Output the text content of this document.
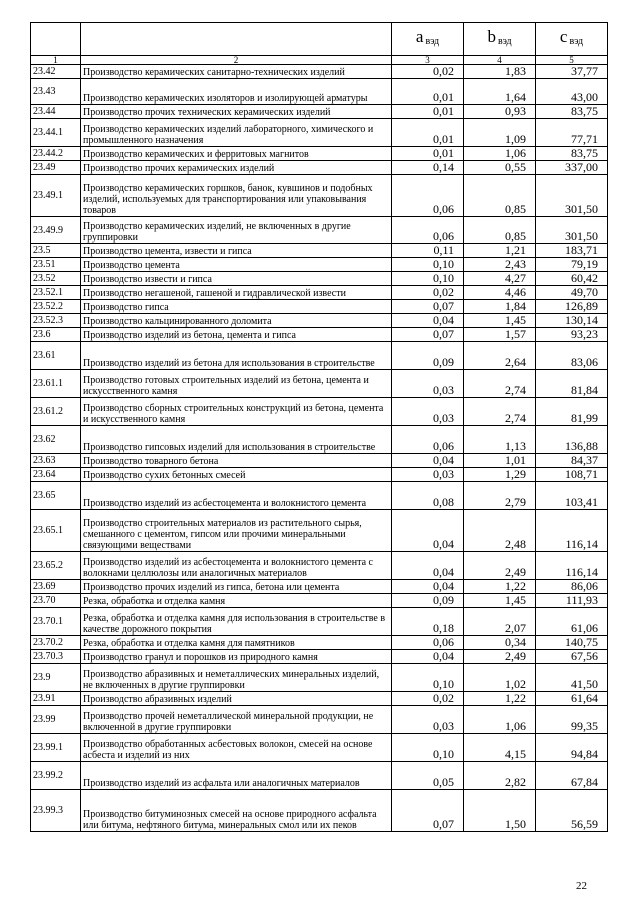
		a $_{вэд}$	b $_{вэд}$	c $_{вэд}$
1	2	3	4	5
23.42	Производство керамических санитарно-технических изделий	0,02	1,83	37,77
23.43	Производство керамических изоляторов и изолирующей арматуры	0,01	1,64	43,00
23.44	Производство прочих технических керамических изделий	0,01	0,93	83,75
23.44.1	Производство керамических изделий лабораторного, химического и промышленного назначения	0,01	1,09	77,71
23.44.2	Производство керамических и ферритовых магнитов	0,01	1,06	83,75
23.49	Производство прочих керамических изделий	0,14	0,55	337,00
23.49.1	Производство керамических горшков, банок, кувшинов и подобных изделий, используемых для транспортирования или упаковывания товаров	0,06	0,85	301,50
23.49.9	Производство керамических изделий, не включенных в другие группировки	0,06	0,85	301,50
23.5	Производство цемента, извести и гипса	0,11	1,21	183,71
23.51	Производство цемента	0,10	2,43	79,19
23.52	Производство извести и гипса	0,10	4,27	60,42
23.52.1	Производство негашеной, гашеной и гидравлической извести	0,02	4,46	49,70
23.52.2	Производство гипса	0,07	1,84	126,89
23.52.3	Производство кальцинированного доломита	0,04	1,45	130,14
23.6	Производство изделий из бетона, цемента и гипса	0,07	1,57	93,23
23.61	Производство изделий из бетона для использования в строительстве	0,09	2,64	83,06
23.61.1	Производство готовых строительных изделий из бетона, цемента и искусственного камня	0,03	2,74	81,84
23.61.2	Производство сборных строительных конструкций из бетона, цемента и искусственного камня	0,03	2,74	81,99
23.62	Производство гипсовых изделий для использования в строительстве	0,06	1,13	136,88
23.63	Производство товарного бетона	0,04	1,01	84,37
23.64	Производство сухих бетонных смесей	0,03	1,29	108,71
23.65	Производство изделий из асбестоцемента и волокнистого цемента	0,08	2,79	103,41
23.65.1	Производство строительных материалов из растительного сырья, смешанного с цементом, гипсом или прочими минеральными связующими веществами	0,04	2,48	116,14
23.65.2	Производство изделий из асбестоцемента и волокнистого цемента с волокнами целлюлозы или аналогичных материалов	0,04	2,49	116,14
23.69	Производство прочих изделий из гипса, бетона или цемента	0,04	1,22	86,06
23.70	Резка, обработка и отделка камня	0,09	1,45	111,93
23.70.1	Резка, обработка и отделка камня для использования в строительстве в качестве дорожного покрытия	0,18	2,07	61,06
23.70.2	Резка, обработка и отделка камня для памятников	0,06	0,34	140,75
23.70.3	Производство гранул и порошков из природного камня	0,04	2,49	67,56
23.9	Производство абразивных и неметаллических минеральных изделий, не включенных в другие группировки	0,10	1,02	41,50
23.91	Производство абразивных изделий	0,02	1,22	61,64
23.99	Производство прочей неметаллической минеральной продукции, не включенной в другие группировки	0,03	1,06	99,35
23.99.1	Производство обработанных асбестовых волокон, смесей на основе асбеста и изделий из них	0,10	4,15	94,84
23.99.2	Производство изделий из асфальта или аналогичных материалов	0,05	2,82	67,84
23.99.3	Производство битуминозных смесей на основе природного асфальта или битума, нефтяного битума, минеральных смол или их пеков	0,07	1,50	56,59
22
